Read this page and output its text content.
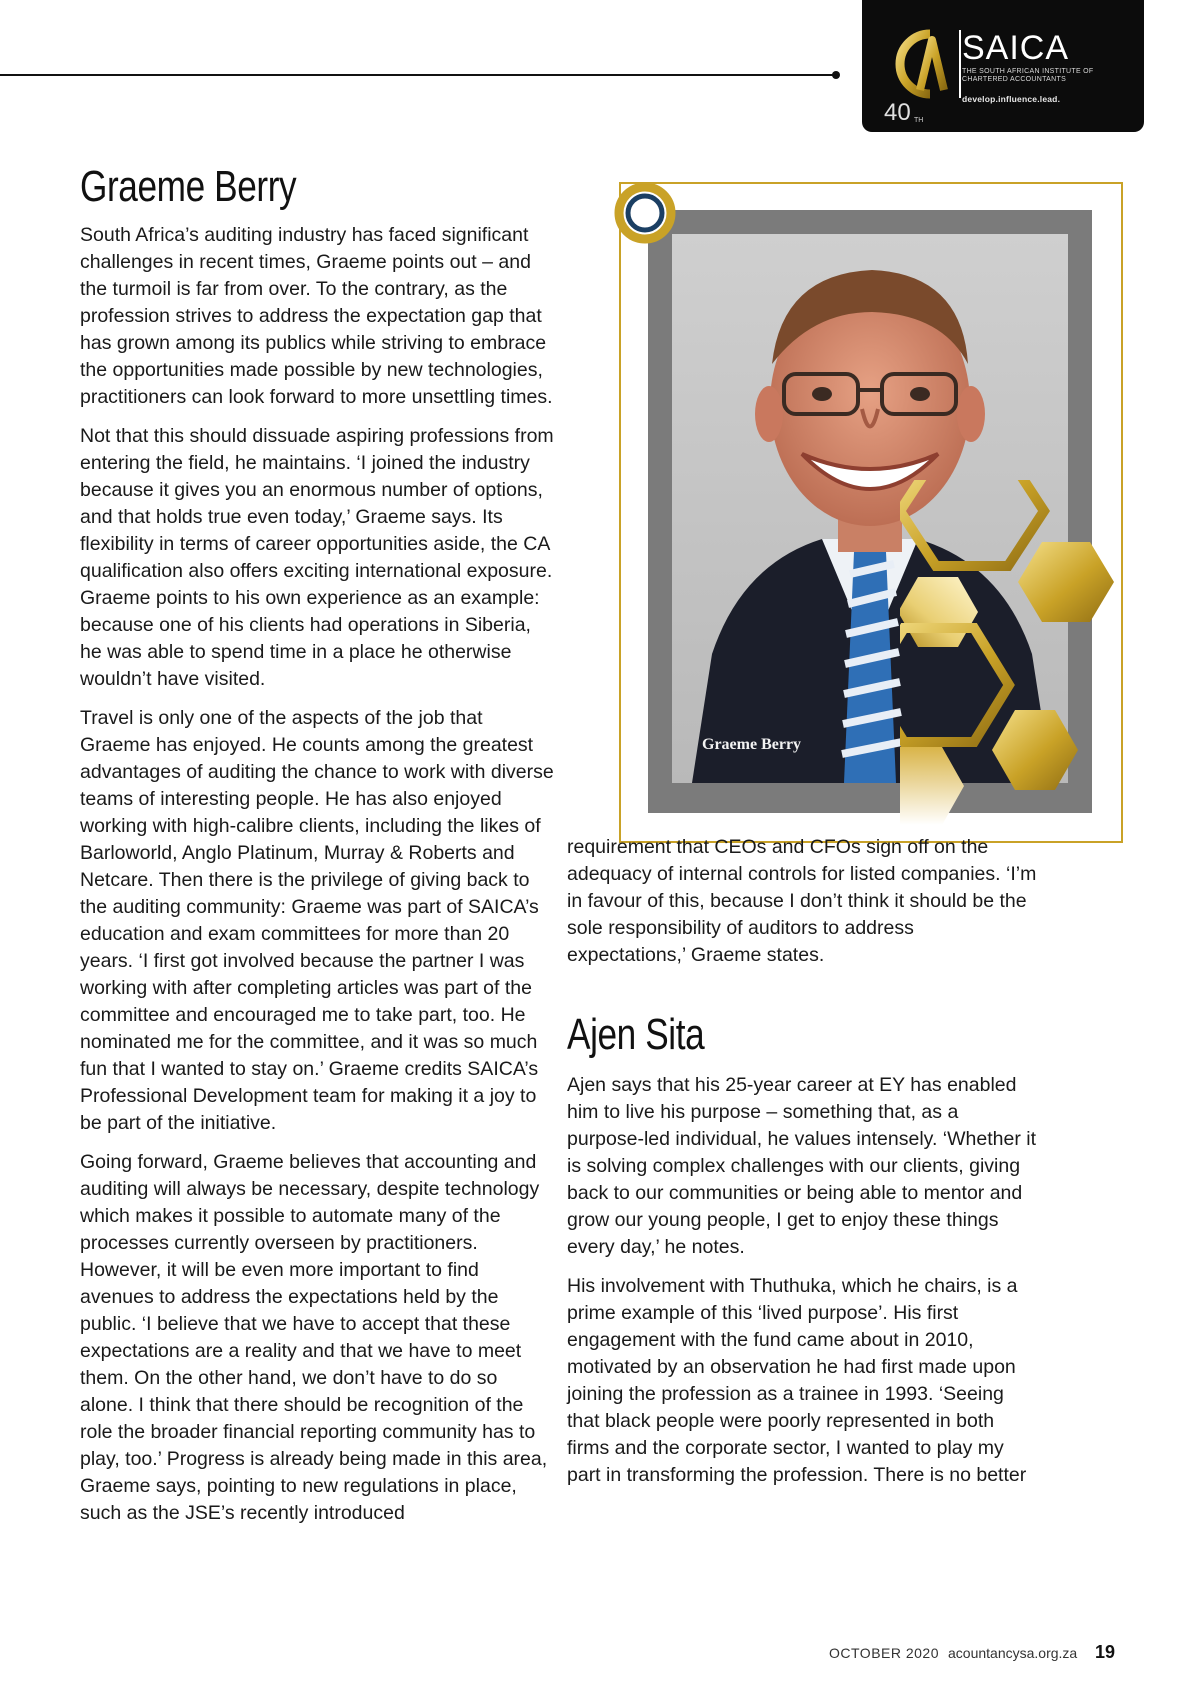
40 TH
SAICA
THE SOUTH AFRICAN INSTITUTE OF CHARTERED ACCOUNTANTS
develop.influence.lead.
Graeme Berry

South Africa’s auditing industry has faced significant challenges in recent times, Graeme points out – and the turmoil is far from over. To the contrary, as the profession strives to address the expectation gap that has grown among its publics while striving to embrace the opportunities made possible by new technologies, practitioners can look forward to more unsettling times.

Not that this should dissuade aspiring professions from entering the field, he maintains. ‘I joined the industry because it gives you an enormous number of options, and that holds true even today,’ Graeme says. Its flexibility in terms of career opportunities aside, the CA qualification also offers exciting international exposure. Graeme points to his own experience as an example: because one of his clients had operations in Siberia, he was able to spend time in a place he otherwise wouldn’t have visited.

Travel is only one of the aspects of the job that Graeme has enjoyed. He counts among the greatest advantages of auditing the chance to work with diverse teams of interesting people. He has also enjoyed working with high-calibre clients, including the likes of Barloworld, Anglo Platinum, Murray & Roberts and Netcare. Then there is the privilege of giving back to the auditing community: Graeme was part of SAICA’s education and exam committees for more than 20 years. ‘I first got involved because the partner I was working with after completing articles was part of the committee and encouraged me to take part, too. He nominated me for the committee, and it was so much fun that I wanted to stay on.’ Graeme credits SAICA’s Professional Development team for making it a joy to be part of the initiative.

Going forward, Graeme believes that accounting and auditing will always be necessary, despite technology which makes it possible to automate many of the processes currently overseen by practitioners. However, it will be even more important to find avenues to address the expectations held by the public. ‘I believe that we have to accept that these expectations are a reality and that we have to meet them. On the other hand, we don’t have to do so alone. I think that there should be recognition of the role the broader financial reporting community has to play, too.’ Progress is already being made in this area, Graeme says, pointing to new regulations in place, such as the JSE’s recently introduced

Graeme Berry

requirement that CEOs and CFOs sign off on the adequacy of internal controls for listed companies. ‘I’m in favour of this, because I don’t think it should be the sole responsibility of auditors to address expectations,’ Graeme states.

Ajen Sita

Ajen says that his 25-year career at EY has enabled him to live his purpose – something that, as a purpose-led individual, he values intensely. ‘Whether it is solving complex challenges with our clients, giving back to our communities or being able to mentor and grow our young people, I get to enjoy these things every day,’ he notes.

His involvement with Thuthuka, which he chairs, is a prime example of this ‘lived purpose’. His first engagement with the fund came about in 2010, motivated by an observation he had first made upon joining the profession as a trainee in 1993. ‘Seeing that black people were poorly represented in both firms and the corporate sector, I wanted to play my part in transforming the profession. There is no better

OCTOBER 2020 acountancysa.org.za 19
